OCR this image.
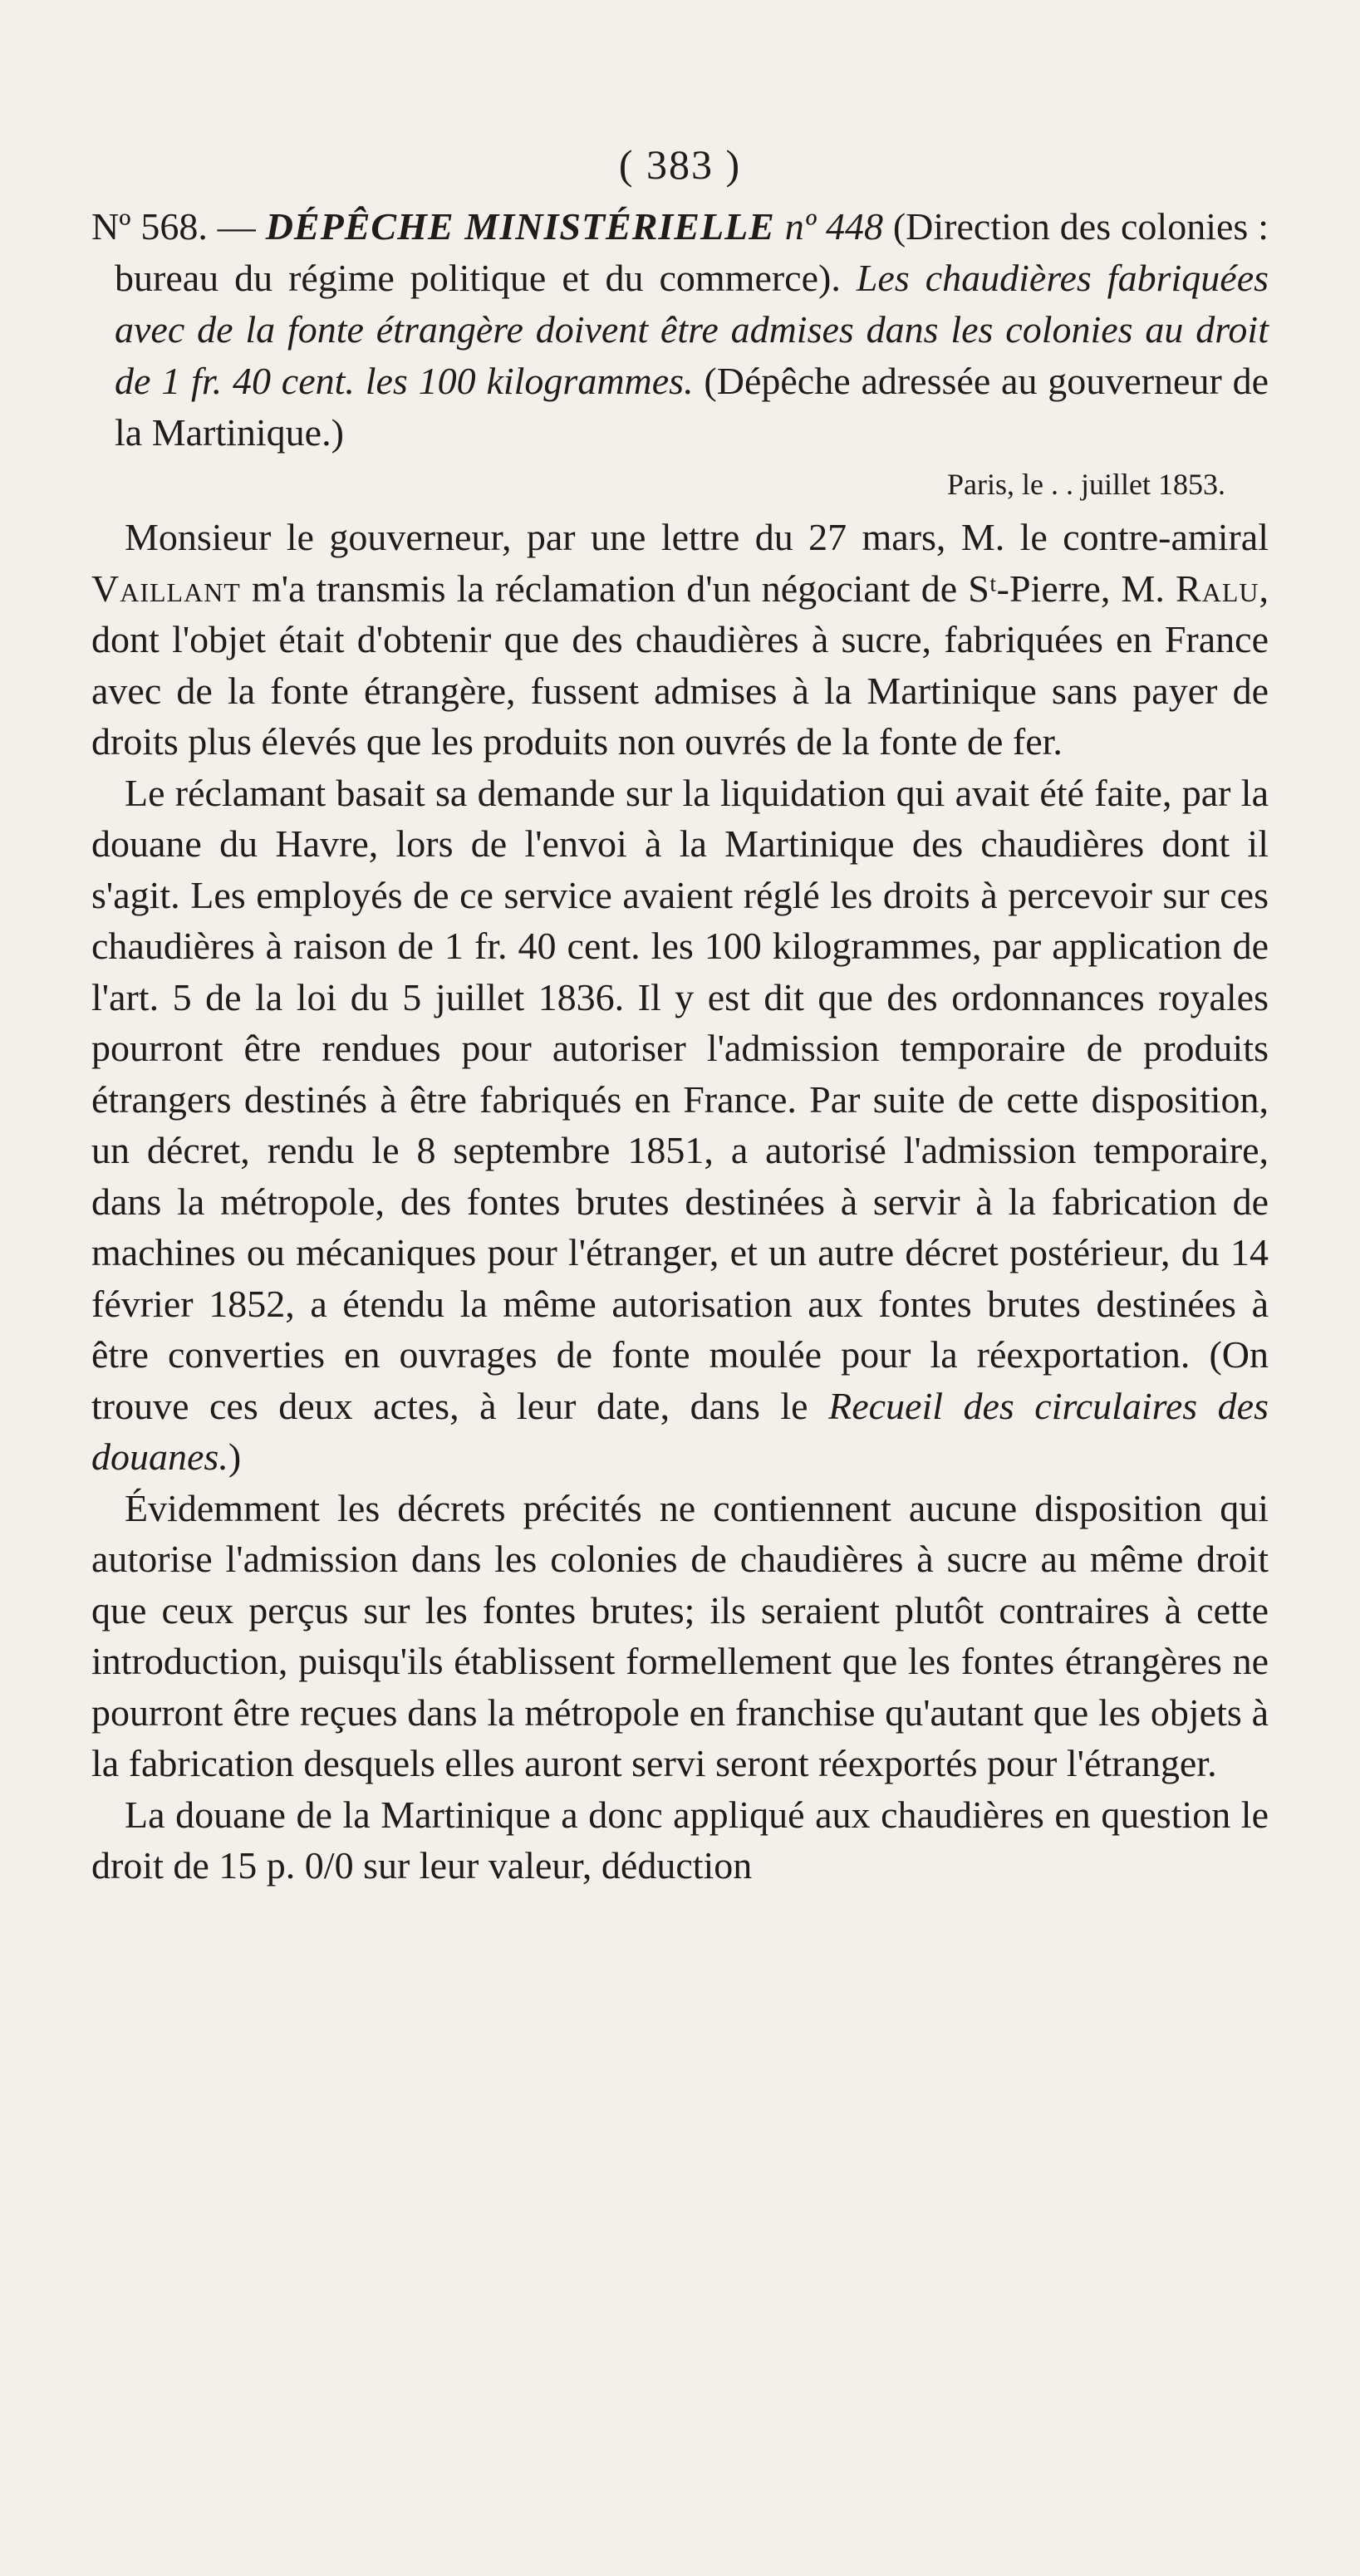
( 383 )

Nº 568. — DÉPÊCHE MINISTÉRIELLE nº 448 (Direction des colonies : bureau du régime politique et du commerce). Les chaudières fabriquées avec de la fonte étrangère doivent être admises dans les colonies au droit de 1 fr. 40 cent. les 100 kilogrammes. (Dépêche adressée au gouverneur de la Martinique.)

Paris, le . . juillet 1853.

Monsieur le gouverneur, par une lettre du 27 mars, M. le contre-amiral Vaillant m'a transmis la réclamation d'un négociant de Sᵗ-Pierre, M. Ralu, dont l'objet était d'obtenir que des chaudières à sucre, fabriquées en France avec de la fonte étrangère, fussent admises à la Martinique sans payer de droits plus élevés que les produits non ouvrés de la fonte de fer.

Le réclamant basait sa demande sur la liquidation qui avait été faite, par la douane du Havre, lors de l'envoi à la Martinique des chaudières dont il s'agit. Les employés de ce service avaient réglé les droits à percevoir sur ces chaudières à raison de 1 fr. 40 cent. les 100 kilogrammes, par application de l'art. 5 de la loi du 5 juillet 1836. Il y est dit que des ordonnances royales pourront être rendues pour autoriser l'admission temporaire de produits étrangers destinés à être fabriqués en France. Par suite de cette disposition, un décret, rendu le 8 septembre 1851, a autorisé l'admission temporaire, dans la métropole, des fontes brutes destinées à servir à la fabrication de machines ou mécaniques pour l'étranger, et un autre décret postérieur, du 14 février 1852, a étendu la même autorisation aux fontes brutes destinées à être converties en ouvrages de fonte moulée pour la réexportation. (On trouve ces deux actes, à leur date, dans le Recueil des circulaires des douanes.)

Évidemment les décrets précités ne contiennent aucune disposition qui autorise l'admission dans les colonies de chaudières à sucre au même droit que ceux perçus sur les fontes brutes; ils seraient plutôt contraires à cette introduction, puisqu'ils établissent formellement que les fontes étrangères ne pourront être reçues dans la métropole en franchise qu'autant que les objets à la fabrication desquels elles auront servi seront réexportés pour l'étranger.

La douane de la Martinique a donc appliqué aux chaudières en question le droit de 15 p. 0/0 sur leur valeur, déduction
